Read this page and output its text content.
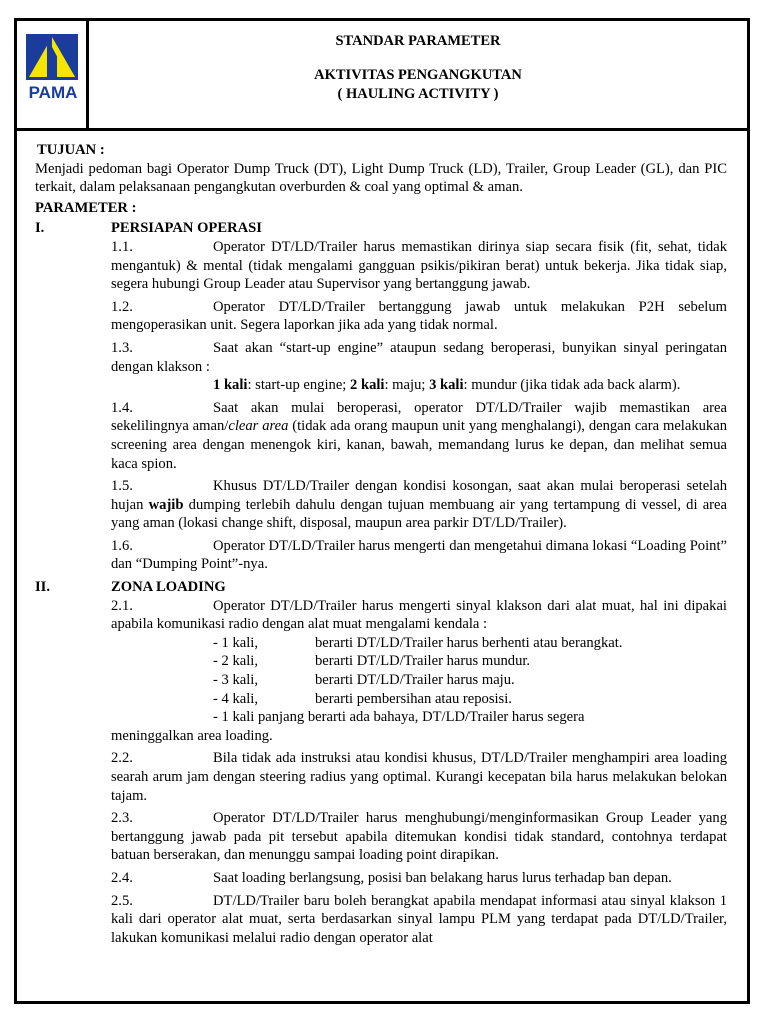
PAMA
STANDAR PARAMETER
AKTIVITAS PENGANGKUTAN
( HAULING ACTIVITY )
TUJUAN :
Menjadi pedoman bagi Operator Dump Truck (DT), Light Dump Truck (LD), Trailer, Group Leader (GL), dan PIC terkait, dalam pelaksanaan pengangkutan overburden & coal yang optimal & aman.
PARAMETER :
I.	PERSIAPAN OPERASI
1.1.	Operator DT/LD/Trailer harus memastikan dirinya siap secara fisik (fit, sehat, tidak mengantuk) & mental (tidak mengalami gangguan psikis/pikiran berat) untuk bekerja. Jika tidak siap, segera hubungi Group Leader atau Supervisor yang bertanggung jawab.
1.2.	Operator DT/LD/Trailer bertanggung jawab untuk melakukan P2H sebelum mengoperasikan unit. Segera laporkan jika ada yang tidak normal.
1.3.	Saat akan “start-up engine” ataupun sedang beroperasi, bunyikan sinyal peringatan dengan klakson :
1 kali: start-up engine; 2 kali: maju; 3 kali: mundur (jika tidak ada back alarm).
1.4.	Saat akan mulai beroperasi, operator DT/LD/Trailer wajib memastikan area sekelilingnya aman/clear area (tidak ada orang maupun unit yang menghalangi), dengan cara melakukan screening area dengan menengok kiri, kanan, bawah, memandang lurus ke depan, dan melihat semua kaca spion.
1.5.	Khusus DT/LD/Trailer dengan kondisi kosongan, saat akan mulai beroperasi setelah hujan wajib dumping terlebih dahulu dengan tujuan membuang air yang tertampung di vessel, di area yang aman (lokasi change shift, disposal, maupun area parkir DT/LD/Trailer).
1.6.	Operator DT/LD/Trailer harus mengerti dan mengetahui dimana lokasi “Loading Point” dan “Dumping Point”-nya.
II.	ZONA LOADING
2.1.	Operator DT/LD/Trailer harus mengerti sinyal klakson dari alat muat, hal ini dipakai apabila komunikasi radio dengan alat muat mengalami kendala :
- 1 kali,	berarti DT/LD/Trailer harus berhenti atau berangkat.
- 2 kali,	berarti DT/LD/Trailer harus mundur.
- 3 kali,	berarti DT/LD/Trailer harus maju.
- 4 kali,	berarti pembersihan atau reposisi.
- 1 kali panjang berarti ada bahaya, DT/LD/Trailer harus segera
meninggalkan area loading.
2.2.	Bila tidak ada instruksi atau kondisi khusus, DT/LD/Trailer menghampiri area loading searah arum jam dengan steering radius yang optimal. Kurangi kecepatan bila harus melakukan belokan tajam.
2.3.	Operator DT/LD/Trailer harus menghubungi/menginformasikan Group Leader yang bertanggung jawab pada pit tersebut apabila ditemukan kondisi tidak standard, contohnya terdapat batuan berserakan, dan menunggu sampai loading point dirapikan.
2.4.	Saat loading berlangsung, posisi ban belakang harus lurus terhadap ban depan.
2.5.	DT/LD/Trailer baru boleh berangkat apabila mendapat informasi atau sinyal klakson 1 kali dari operator alat muat, serta berdasarkan sinyal lampu PLM yang terdapat pada DT/LD/Trailer, lakukan komunikasi melalui radio dengan operator alat
